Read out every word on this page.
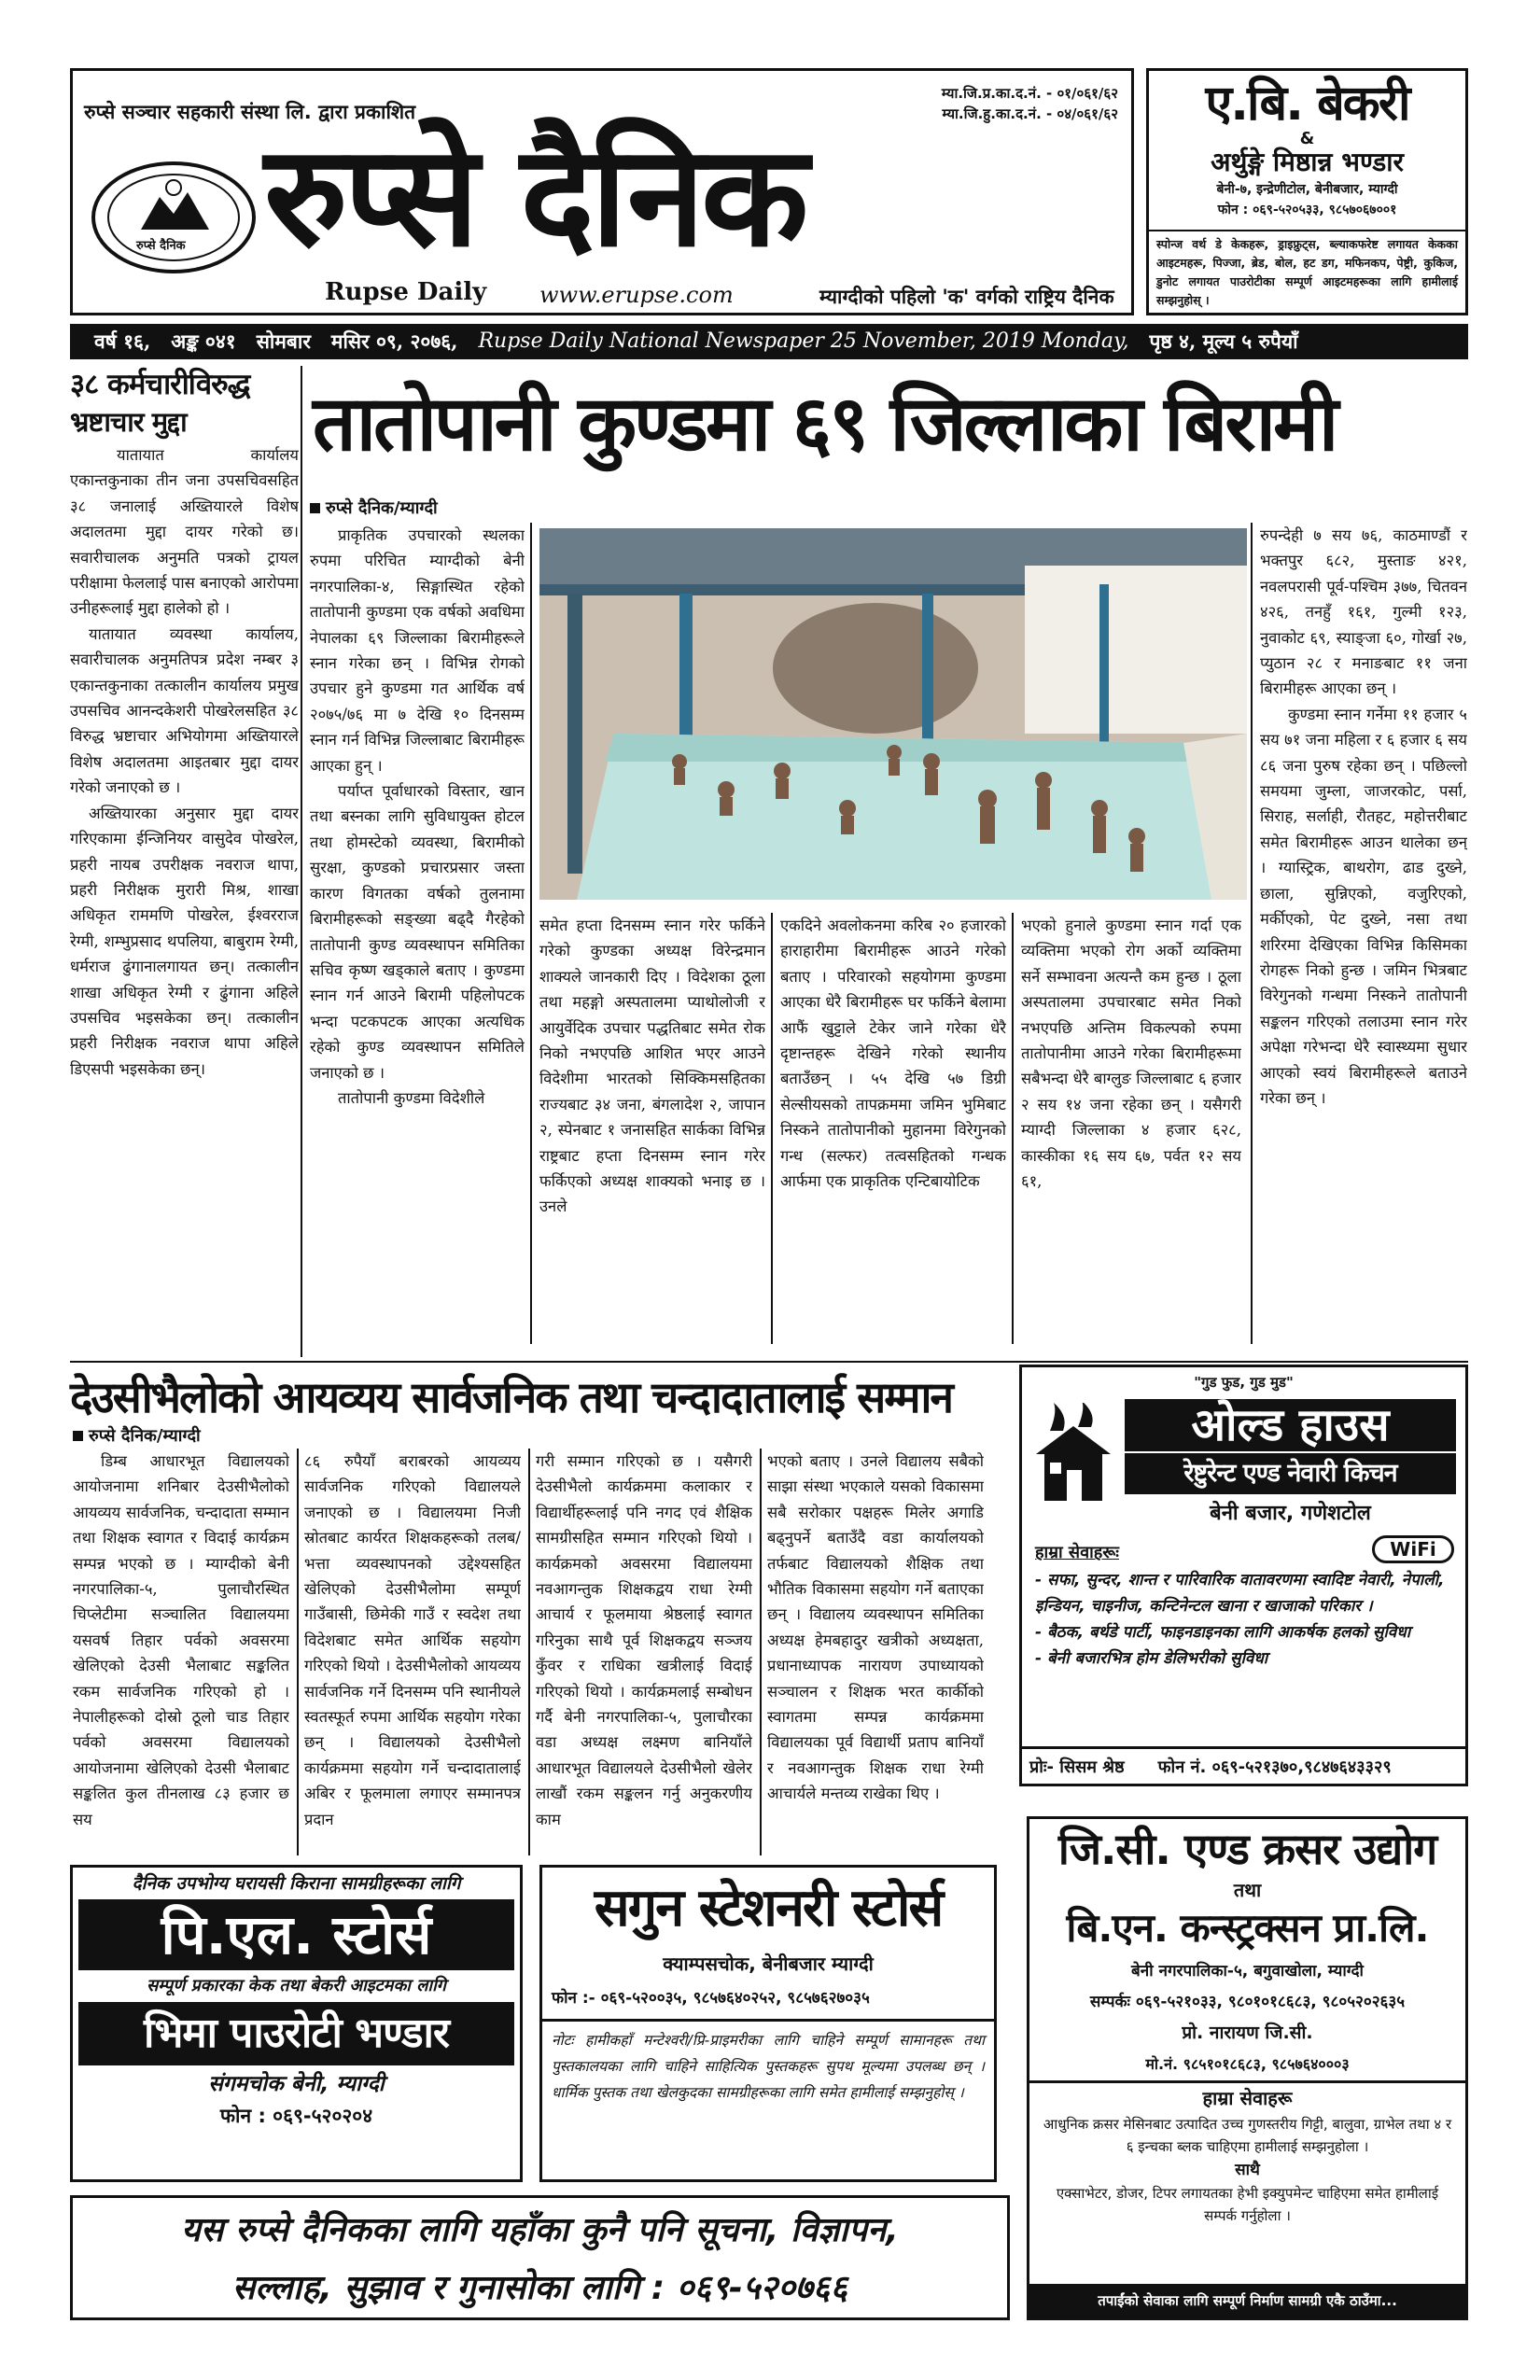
रुप्से सञ्चार सहकारी संस्था लि. द्वारा प्रकाशित
म्या.जि.प्र.का.द.नं. - ०१/०६१/६२
म्या.जि.हु.का.द.नं. - ०४/०६१/६२
रुप्से दैनिक रुप्से दैनिक
Rupse Daily www.erupse.com	म्याग्दीको पहिलो 'क' वर्गको राष्ट्रिय दैनिक
ए.बि. बेकरी
&
अर्थुङ्गे मिष्ठान्न भण्डार
बेनी-७, इन्द्रेणीटोल, बेनीबजार, म्याग्दी
फोन : ०६९-५२०५३३, ९८५७०६७००१
स्पोन्ज वर्थ डे केकहरू, ड्राइफ्रुट्स, ब्ल्याकफरेष्ट लगायत केकका आइटमहरू, पिज्जा, ब्रेड, बोल, हट डग, मफिनकप, पेष्ट्री, कुकिज, डुनोट लगायत पाउरोटीका सम्पूर्ण आइटमहरूका लागि हामीलाई सम्झनुहोस् ।
वर्ष १६, अङ्क ०४१ सोमबार मसिर ०९, २०७६, Rupse Daily National Newspaper 25 November, 2019 Monday, पृष्ठ ४, मूल्य ५ रुपैयाँ
३८ कर्मचारीविरुद्ध
भ्रष्टाचार मुद्दा

यातायात कार्यालय एकान्तकुनाका तीन जना उपसचिवसहित ३८ जनालाई अख्तियारले विशेष अदालतमा मुद्दा दायर गरेको छ। सवारीचालक अनुमति पत्रको ट्रायल परीक्षामा फेललाई पास बनाएको आरोपमा उनीहरूलाई मुद्दा हालेको हो ।

यातायात व्यवस्था कार्यालय, सवारीचालक अनुमतिपत्र प्रदेश नम्बर ३ एकान्तकुनाका तत्कालीन कार्यालय प्रमुख उपसचिव आनन्दकेशरी पोखरेलसहित ३८ विरुद्ध भ्रष्टाचार अभियोगमा अख्तियारले विशेष अदालतमा आइतबार मुद्दा दायर गरेको जनाएको छ ।

अख्तियारका अनुसार मुद्दा दायर गरिएकामा ईन्जिनियर वासुदेव पोखरेल, प्रहरी नायब उपरीक्षक नवराज थापा, प्रहरी निरीक्षक मुरारी मिश्र, शाखा अधिकृत राममणि पोखरेल, ईश्वरराज रेग्मी, शम्भुप्रसाद थपलिया, बाबुराम रेग्मी, धर्मराज ढुंगानालगायत छन्। तत्कालीन शाखा अधिकृत रेग्मी र ढुंगाना अहिले उपसचिव भइसकेका छन्। तत्कालीन प्रहरी निरीक्षक नवराज थापा अहिले डिएसपी भइसकेका छन्।

तातोपानी कुण्डमा ६९ जिल्लाका बिरामी
रुप्से दैनिक/म्याग्दी

प्राकृतिक उपचारको स्थलका रुपमा परिचित म्याग्दीको बेनी नगरपालिका-४, सिङ्गास्थित रहेको तातोपानी कुण्डमा एक वर्षको अवधिमा नेपालका ६९ जिल्लाका बिरामीहरूले स्नान गरेका छन् । विभिन्न रोगको उपचार हुने कुण्डमा गत आर्थिक वर्ष २०७५/७६ मा ७ देखि १० दिनसम्म स्नान गर्न विभिन्न जिल्लाबाट बिरामीहरू आएका हुन् ।

पर्याप्त पूर्वाधारको विस्तार, खान तथा बस्नका लागि सुविधायुक्त होटल तथा होमस्टेको व्यवस्था, बिरामीको सुरक्षा, कुण्डको प्रचारप्रसार जस्ता कारण विगतका वर्षको तुलनामा बिरामीहरूको सङ्ख्या बढ्दै गैरहेको तातोपानी कुण्ड व्यवस्थापन समितिका सचिव कृष्ण खड्काले बताए । कुण्डमा स्नान गर्न आउने बिरामी पहिलोपटक भन्दा पटकपटक आएका अत्यधिक रहेको कुण्ड व्यवस्थापन समितिले जनाएको छ ।

तातोपानी कुण्डमा विदेशीले

समेत हप्ता दिनसम्म स्नान गरेर फर्किने गरेको कुण्डका अध्यक्ष विरेन्द्रमान शाक्यले जानकारी दिए । विदेशका ठूला तथा महङ्गो अस्पतालमा प्याथोलोजी र आयुर्वेदिक उपचार पद्धतिबाट समेत रोक निको नभएपछि आशित भएर आउने विदेशीमा भारतको सिक्किमसहितका राज्यबाट ३४ जना, बंगलादेश २, जापान २, स्पेनबाट १ जनासहित सार्कका विभिन्न राष्ट्रबाट हप्ता दिनसम्म स्नान गरेर फर्किएको अध्यक्ष शाक्यको भनाइ छ । उनले
एकदिने अवलोकनमा करिब २० हजारको हाराहारीमा बिरामीहरू आउने गरेको बताए । परिवारको सहयोगमा कुण्डमा आएका धेरै बिरामीहरू घर फर्किने बेलामा आफैं खुट्टाले टेकेर जाने गरेका धेरै दृष्टान्तहरू देखिने गरेको स्थानीय बताउँछन् । ५५ देखि ५७ डिग्री सेल्सीयसको तापक्रममा जमिन भुमिबाट निस्कने तातोपानीको मुहानमा विरेगुनको गन्ध (सल्फर) तत्वसहितको गन्धक आर्फमा एक प्राकृतिक एन्टिबायोटिक
भएको हुनाले कुण्डमा स्नान गर्दा एक व्यक्तिमा भएको रोग अर्को व्यक्तिमा सर्ने सम्भावना अत्यन्तै कम हुन्छ । ठूला अस्पतालमा उपचारबाट समेत निको नभएपछि अन्तिम विकल्पको रुपमा तातोपानीमा आउने गरेका बिरामीहरूमा सबैभन्दा धेरै बाग्लुङ जिल्लाबाट ६ हजार २ सय १४ जना रहेका छन् । यसैगरी म्याग्दी जिल्लाका ४ हजार ६२८, कास्कीका १६ सय ६७, पर्वत १२ सय ६१,

रुपन्देही ७ सय ७६, काठमाण्डौं र भक्तपुर ६८२, मुस्ताङ ४२१, नवलपरासी पूर्व-पश्चिम ३७७, चितवन ४२६, तनहुँ १६१, गुल्मी १२३, नुवाकोट ६९, स्याङ्जा ६०, गोर्खा २७, प्युठान २८ र मनाङबाट ११ जना बिरामीहरू आएका छन् ।

कुण्डमा स्नान गर्नेमा ११ हजार ५ सय ७१ जना महिला र ६ हजार ६ सय ८६ जना पुरुष रहेका छन् । पछिल्लो समयमा जुम्ला, जाजरकोट, पर्सा, सिराह, सर्लाही, रौतहट, महोत्तरीबाट समेत बिरामीहरू आउन थालेका छन् । ग्यास्ट्रिक, बाथरोग, ढाड दुख्ने, छाला, सुन्निएको, वजुरिएको, मर्कीएको, पेट दुख्ने, नसा तथा शरिरमा देखिएका विभिन्न किसिमका रोगहरू निको हुन्छ । जमिन भित्रबाट विरेगुनको गन्धमा निस्कने तातोपानी सङ्कलन गरिएको तलाउमा स्नान गरेर अपेक्षा गरेभन्दा धेरै स्वास्थ्यमा सुधार आएको स्वयं बिरामीहरूले बताउने गरेका छन् ।

देउसीभैलोको आयव्यय सार्वजनिक तथा चन्दादातालाई सम्मान
रुप्से दैनिक/म्याग्दी
डिम्ब आधारभूत विद्यालयको आयोजनामा शनिबार देउसीभैलोको आयव्यय सार्वजनिक, चन्दादाता सम्मान तथा शिक्षक स्वागत र विदाई कार्यक्रम सम्पन्न भएको छ । म्याग्दीको बेनी नगरपालिका-५, पुलाचौरस्थित चिप्लेटीमा सञ्चालित विद्यालयमा यसवर्ष तिहार पर्वको अवसरमा खेलिएको देउसी भैलाबाट सङ्कलित रकम सार्वजनिक गरिएको हो । नेपालीहरूको दोस्रो ठूलो चाड तिहार पर्वको अवसरमा विद्यालयको आयोजनामा खेलिएको देउसी भैलाबाट सङ्कलित कुल तीनलाख ८३ हजार छ सय
८६ रुपैयाँ बराबरको आयव्यय सार्वजनिक गरिएको विद्यालयले जनाएको छ । विद्यालयमा निजी स्रोतबाट कार्यरत शिक्षकहरूको तलब/भत्ता व्यवस्थापनको उद्देश्यसहित खेलिएको देउसीभैलोमा सम्पूर्ण गाउँबासी, छिमेकी गाउँ र स्वदेश तथा विदेशबाट समेत आर्थिक सहयोग गरिएको थियो । देउसीभैलोको आयव्यय सार्वजनिक गर्ने दिनसम्म पनि स्थानीयले स्वतस्फूर्त रुपमा आर्थिक सहयोग गरेका छन् । विद्यालयको देउसीभैलो कार्यक्रममा सहयोग गर्ने चन्दादातालाई अबिर र फूलमाला लगाएर सम्मानपत्र प्रदान
गरी सम्मान गरिएको छ । यसैगरी देउसीभैलो कार्यक्रममा कलाकार र विद्यार्थीहरूलाई पनि नगद एवं शैक्षिक सामग्रीसहित सम्मान गरिएको थियो । कार्यक्रमको अवसरमा विद्यालयमा नवआगन्तुक शिक्षकद्वय राधा रेग्मी आचार्य र फूलमाया श्रेष्ठलाई स्वागत गरिनुका साथै पूर्व शिक्षकद्वय सञ्जय कुँवर र राधिका खत्रीलाई विदाई गरिएको थियो । कार्यक्रमलाई सम्बोधन गर्दै बेनी नगरपालिका-५, पुलाचौरका वडा अध्यक्ष लक्ष्मण बानियाँले आधारभूत विद्यालयले देउसीभैलो खेलेर लाखौं रकम सङ्कलन गर्नु अनुकरणीय काम
भएको बताए । उनले विद्यालय सबैको साझा संस्था भएकाले यसको विकासमा सबै सरोकार पक्षहरू मिलेर अगाडि बढ्नुपर्ने बताउँदै वडा कार्यालयको तर्फबाट विद्यालयको शैक्षिक तथा भौतिक विकासमा सहयोग गर्ने बताएका छन् । विद्यालय व्यवस्थापन समितिका अध्यक्ष हेमबहादुर खत्रीको अध्यक्षता, प्रधानाध्यापक नारायण उपाध्यायको सञ्चालन र शिक्षक भरत कार्कीको स्वागतमा सम्पन्न कार्यक्रममा विद्यालयका पूर्व विद्यार्थी प्रताप बानियाँ र नवआगन्तुक शिक्षक राधा रेग्मी आचार्यले मन्तव्य राखेका थिए ।
"गुड फुड, गुड मुड"
ओल्ड हाउस
रेष्टुरेन्ट एण्ड नेवारी किचन
बेनी बजार, गणेशटोल
हाम्रा सेवाहरूः	WiFi
- सफा, सुन्दर, शान्त र पारिवारिक वातावरणमा स्वादिष्ट नेवारी, नेपाली, इन्डियन, चाइनीज, कन्टिनेन्टल खाना र खाजाको परिकार ।
- बैठक, बर्थडे पार्टी, फाइनडाइनका लागि आकर्षक हलको सुविधा
- बेनी बजारभित्र होम डेलिभरीको सुविधा
प्रोः- सिसम श्रेष्ठ फोन नं. ०६९-५२१३७०,९८४७६४३३२९
दैनिक उपभोग्य घरायसी किराना सामग्रीहरूका लागि
पि.एल. स्टोर्स
सम्पूर्ण प्रकारका केक तथा बेकरी आइटमका लागि
भिमा पाउरोटी भण्डार
संगमचोक बेनी, म्याग्दी
फोन : ०६९-५२०२०४
सगुन स्टेशनरी स्टोर्स
क्याम्पसचोक, बेनीबजार म्याग्दी
फोन :- ०६९-५२००३५, ९८५७६४०२५२, ९८५७६२७०३५
नोटः हामीकहाँ मन्टेश्वरी/प्रि-प्राइमरीका लागि चाहिने सम्पूर्ण सामानहरू तथा पुस्तकालयका लागि चाहिने साहित्यिक पुस्तकहरू सुपथ मूल्यमा उपलब्ध छन् । धार्मिक पुस्तक तथा खेलकुदका सामग्रीहरूका लागि समेत हामीलाई सम्झनुहोस् ।
जि.सी. एण्ड क्रसर उद्योग
तथा
बि.एन. कन्स्ट्रक्सन प्रा.लि.
बेनी नगरपालिका-५, बगुवाखोला, म्याग्दी
सम्पर्कः ०६९-५२१०३३, ९८०१०१८६८३, ९८०५२०२६३५
प्रो. नारायण जि.सी.
मो.नं. ९८५१०१८६८३, ९८५७६४०००३
हाम्रा सेवाहरू
आधुनिक क्रसर मेसिनबाट उत्पादित उच्च गुणस्तरीय गिट्टी, बालुवा, ग्राभेल तथा ४ र ६ इन्चका ब्लक चाहिएमा हामीलाई सम्झनुहोला ।
साथै
एक्साभेटर, डोजर, टिपर लगायतका हेभी इक्युपमेन्ट चाहिएमा समेत हामीलाई सम्पर्क गर्नुहोला ।
तपाईंको सेवाका लागि सम्पूर्ण निर्माण सामग्री एकै ठाउँमा...
यस रुप्से दैनिकका लागि यहाँका कुनै पनि सूचना, विज्ञापन,
सल्लाह, सुझाव र गुनासोका लागि : ०६९-५२०७६६
